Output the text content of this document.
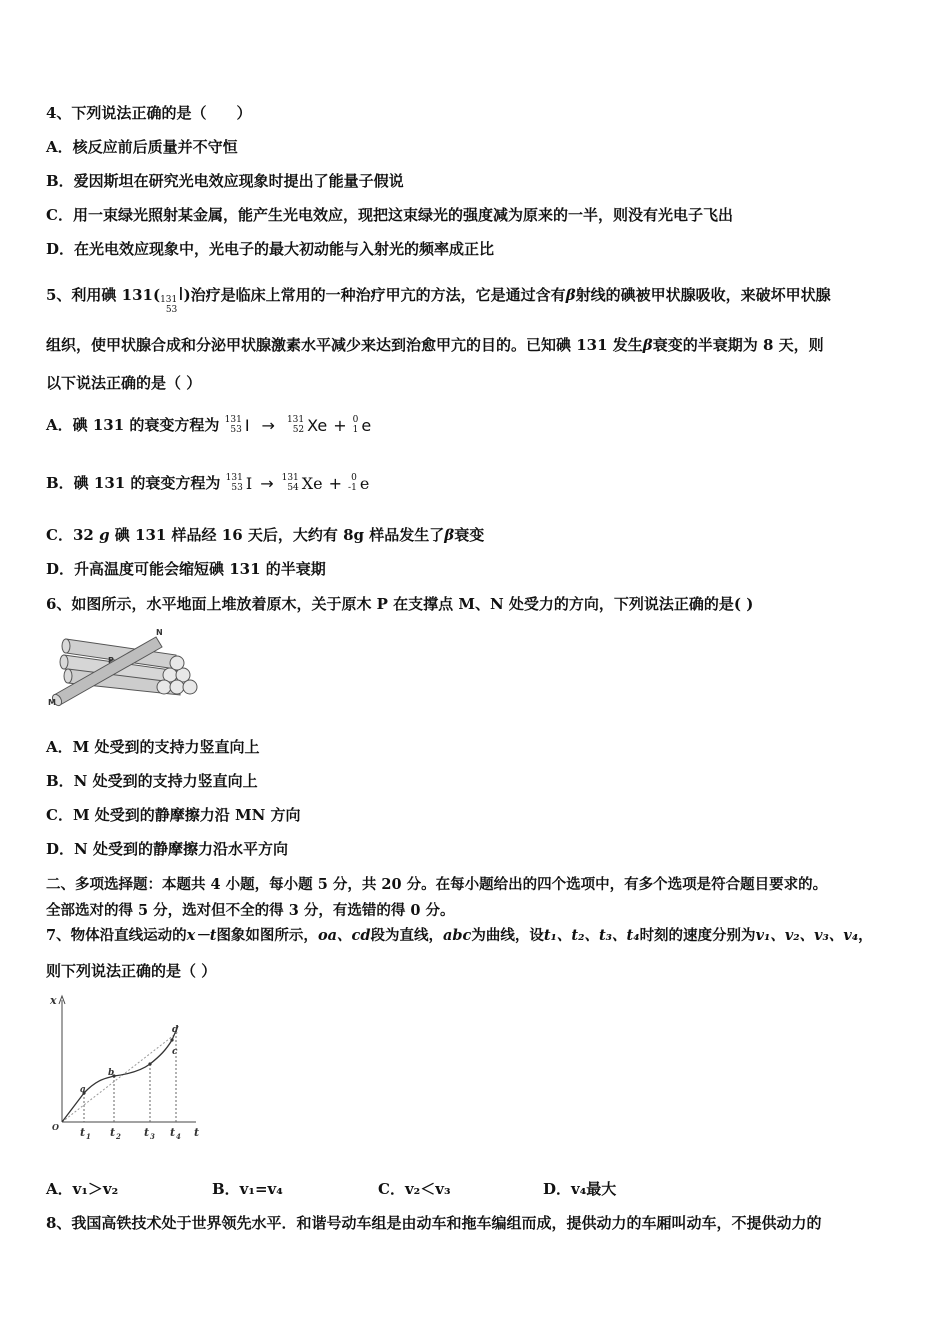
4、下列说法正确的是（　　）
A．核反应前后质量并不守恒
B．爱因斯坦在研究光电效应现象时提出了能量子假说
C．用一束绿光照射某金属，能产生光电效应，现把这束绿光的强度减为原来的一半，则没有光电子飞出
D．在光电效应现象中，光电子的最大初动能与入射光的频率成正比
5、利用碘 131( 131
53
I)治疗是临床上常用的一种治疗甲亢的方法，它是通过含有β射线的碘被甲状腺吸收，来破坏甲状腺
组织，使甲状腺合成和分泌甲状腺激素水平减少来达到治愈甲亢的目的。已知碘 131 发生β衰变的半衰期为 8 天，则
以下说法正确的是（ ）
A．碘 131 的衰变方程为 131
53 I → 131
52 Xe + 0
1 e
B．碘 131 的衰变方程为 131
53 I → 131
54 Xe + 0
-1 e
C．32 g 碘 131 样品经 16 天后，大约有 8g 样品发生了β衰变
D．升高温度可能会缩短碘 131 的半衰期
6、如图所示，水平地面上堆放着原木，关于原木 P 在支撑点 M、N 处受力的方向，下列说法正确的是( )
N
P
M
A．M 处受到的支持力竖直向上
B．N 处受到的支持力竖直向上
C．M 处受到的静摩擦力沿 MN 方向
D．N 处受到的静摩擦力沿水平方向
二、多项选择题：本题共 4 小题，每小题 5 分，共 20 分。在每小题给出的四个选项中，有多个选项是符合题目要求的。
全部选对的得 5 分，选对但不全的得 3 分，有选错的得 0 分。
7、物体沿直线运动的x－t图象如图所示，oa、cd段为直线，abc为曲线，设t₁、t₂、t₃、t₄时刻的速度分别为v₁、v₂、v₃、v₄，
则下列说法正确的是（ ）
x
t
O
a
b
c
d
t 1 t 2 t 3 t 4
A．v₁＞v₂	B．v₁=v₄	C．v₂＜v₃	D．v₄最大
8、我国高铁技术处于世界领先水平．和谐号动车组是由动车和拖车编组而成，提供动力的车厢叫动车，不提供动力的
